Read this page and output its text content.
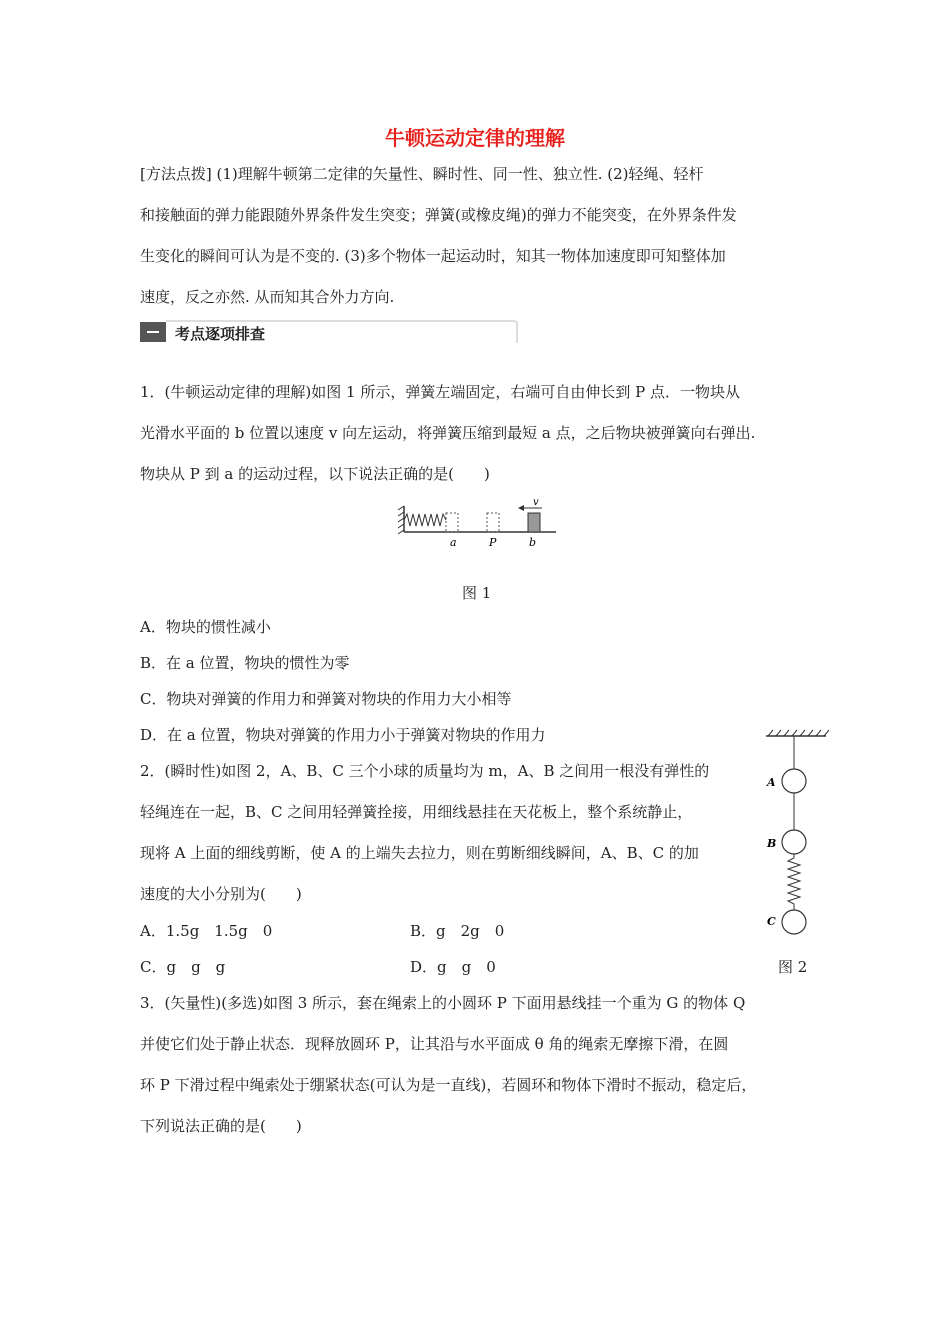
牛顿运动定律的理解
[方法点拨] (1)理解牛顿第二定律的矢量性、瞬时性、同一性、独立性. (2)轻绳、轻杆
和接触面的弹力能跟随外界条件发生突变；弹簧(或橡皮绳)的弹力不能突变，在外界条件发
生变化的瞬间可认为是不变的. (3)多个物体一起运动时，知其一物体加速度即可知整体加
速度，反之亦然. 从而知其合外力方向.
考点逐项排查
1．(牛顿运动定律的理解)如图 1 所示，弹簧左端固定，右端可自由伸长到 P 点．一物块从
光滑水平面的 b 位置以速度 v 向左运动，将弹簧压缩到最短 a 点，之后物块被弹簧向右弹出.
物块从 P 到 a 的运动过程，以下说法正确的是(　　)
v
a	P	b
图 1
A．物块的惯性减小
B．在 a 位置，物块的惯性为零
C．物块对弹簧的作用力和弹簧对物块的作用力大小相等
D．在 a 位置，物块对弹簧的作用力小于弹簧对物块的作用力
2．(瞬时性)如图 2，A、B、C 三个小球的质量均为 m，A、B 之间用一根没有弹性的
轻绳连在一起，B、C 之间用轻弹簧拴接，用细线悬挂在天花板上，整个系统静止，
现将 A 上面的细线剪断，使 A 的上端失去拉力，则在剪断细线瞬间，A、B、C 的加
速度的大小分别为(　　)
A．1.5g　1.5g　0	B．g　2g　0
C．g　g　g	D．g　g　0
A
B
C
图 2
3．(矢量性)(多选)如图 3 所示，套在绳索上的小圆环 P 下面用悬线挂一个重为 G 的物体 Q
并使它们处于静止状态．现释放圆环 P，让其沿与水平面成 θ 角的绳索无摩擦下滑，在圆
环 P 下滑过程中绳索处于绷紧状态(可认为是一直线)，若圆环和物体下滑时不振动，稳定后，
下列说法正确的是(　　)
